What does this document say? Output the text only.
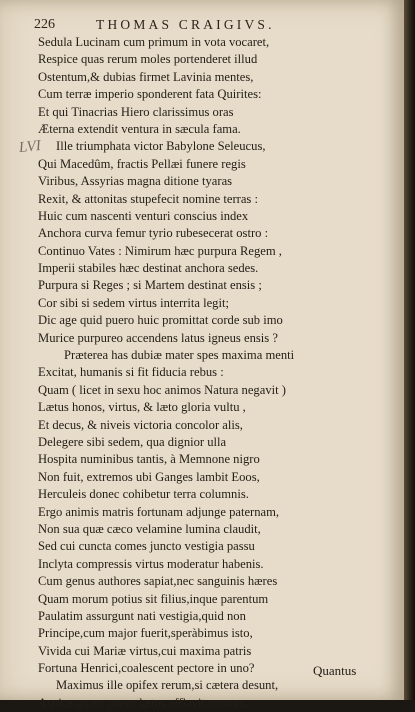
226	THOMAS CRAIGIVS.
LVI
Sedula Lucinam cum primum in vota vocaret,
Respice quas rerum moles portenderet illud
Ostentum,& dubias firmet Lavinia mentes,
Cum terræ imperio sponderent fata Quirites:
Et qui Tinacrias Hiero clarissimus oras
Æterna extendit ventura in sæcula fama.
Ille triumphata victor Babylone Seleucus,
Qui Macedûm, fractis Pellæi funere regis
Viribus, Assyrias magna ditione tyaras
Rexit, & attonitas stupefecit nomine terras :
Huic cum nascenti venturi conscius index
Anchora curva femur tyrio rubesecerat ostro :
Continuo Vates : Nimirum hæc purpura Regem ,
Imperii stabiles hæc destinat anchora sedes.
Purpura si Reges ; si Martem destinat ensis ;
Cor sibi si sedem virtus interrita legit;
Dic age quid puero huic promittat corde sub imo
Murice purpureo accendens latus igneus ensis ?
Præterea has dubiæ mater spes maxima menti
Excitat, humanis si fit fiducia rebus :
Quam ( licet in sexu hoc animos Natura negavit )
Lætus honos, virtus, & læto gloria vultu ,
Et decus, & niveis victoria concolor alis,
Delegere sibi sedem, qua dignior ulla
Hospita numinibus tantis, à Memnone nigro
Non fuit, extremos ubi Ganges lambit Eoos,
Herculeis donec cohibetur terra columnis.
Ergo animis matris fortunam adjunge paternam,
Non sua quæ cæco velamine lumina claudit,
Sed cui cuncta comes juncto vestigia passu
Inclyta compressis virtus moderatur habenis.
Cum genus authores sapiat,nec sanguinis hæres
Quam morum potius sit filius,inque parentum
Paulatim assurgunt nati vestigia,quid non
Principe,cum major fuerit,speràbimus isto,
Vivida cui Mariæ virtus,cui maxima patris
Fortuna Henrici,coalescent pectore in uno?
Maximus ille opifex rerum,si cætera desunt,
Aspice quam puero lætos afflavit amores,
Quantus
